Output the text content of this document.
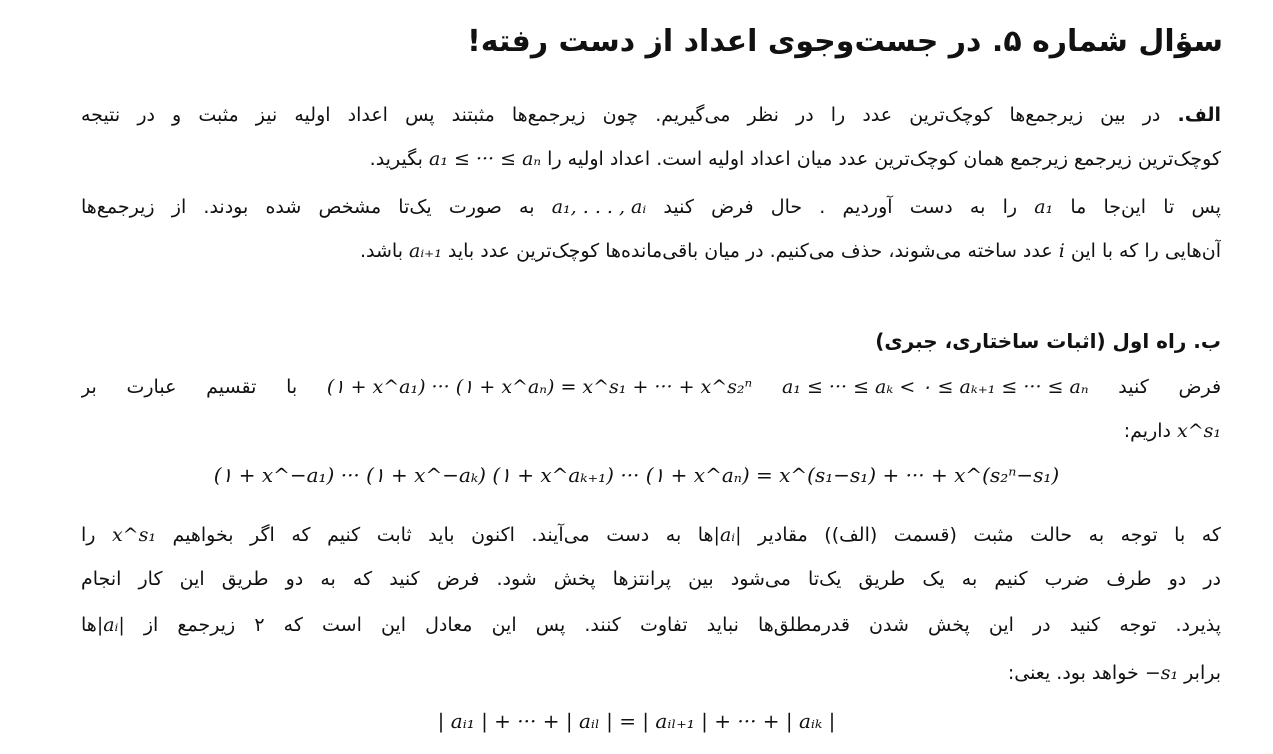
سؤال شماره ۵. در جست‌وجوی اعداد از دست رفته!
الف. در بین زیرجمع‌ها کوچک‌ترین عدد را در نظر می‌گیریم. چون زیرجمع‌ها مثبتند پس اعداد اولیه نیز مثبت و در نتیجه
کوچک‌ترین زیرجمع زیرجمع همان کوچک‌ترین عدد میان اعداد اولیه است. اعداد اولیه را a₁ ≤ ··· ≤ aₙ بگیرید.
پس تا این‌جا ما a₁ را به دست آوردیم . حال فرض کنید a₁, . . . , aᵢ به صورت یک‌تا مشخص شده بودند. از زیرجمع‌ها
آن‌هایی را که با این i عدد ساخته می‌شوند، حذف می‌کنیم. در میان باقی‌مانده‌ها کوچک‌ترین عدد باید aᵢ₊₁ باشد.
ب. راه اول (اثبات ساختاری، جبری)
فرض کنید a₁ ≤ ··· ≤ aₖ < ۰ ≤ aₖ₊₁ ≤ ··· ≤ aₙ (۱ + x^a₁) ··· (۱ + x^aₙ) = x^s₁ + ··· + x^s₂ⁿ با تقسیم عبارت بر
x^s₁ داریم:
(۱ + x^−a₁) ··· (۱ + x^−aₖ) (۱ + x^aₖ₊₁) ··· (۱ + x^aₙ) = x^(s₁−s₁) + ··· + x^(s₂ⁿ−s₁)
که با توجه به حالت مثبت (قسمت (الف)) مقادیر |aᵢ|ها به دست می‌آیند. اکنون باید ثابت کنیم که اگر بخواهیم x^s₁ را
در دو طرف ضرب کنیم به یک طریق یک‌تا می‌شود بین پرانتزها پخش شود. فرض کنید که به دو طریق این کار انجام
پذیرد. توجه کنید در این پخش شدن قدرمطلق‌ها نباید تفاوت کنند. پس این معادل این است که ۲ زیرجمع از |aᵢ|ها
برابر −s₁ خواهد بود. یعنی:
| aᵢ₁ | + ··· + | aᵢₗ | = | aᵢₗ₊₁ | + ··· + | aᵢₖ |
